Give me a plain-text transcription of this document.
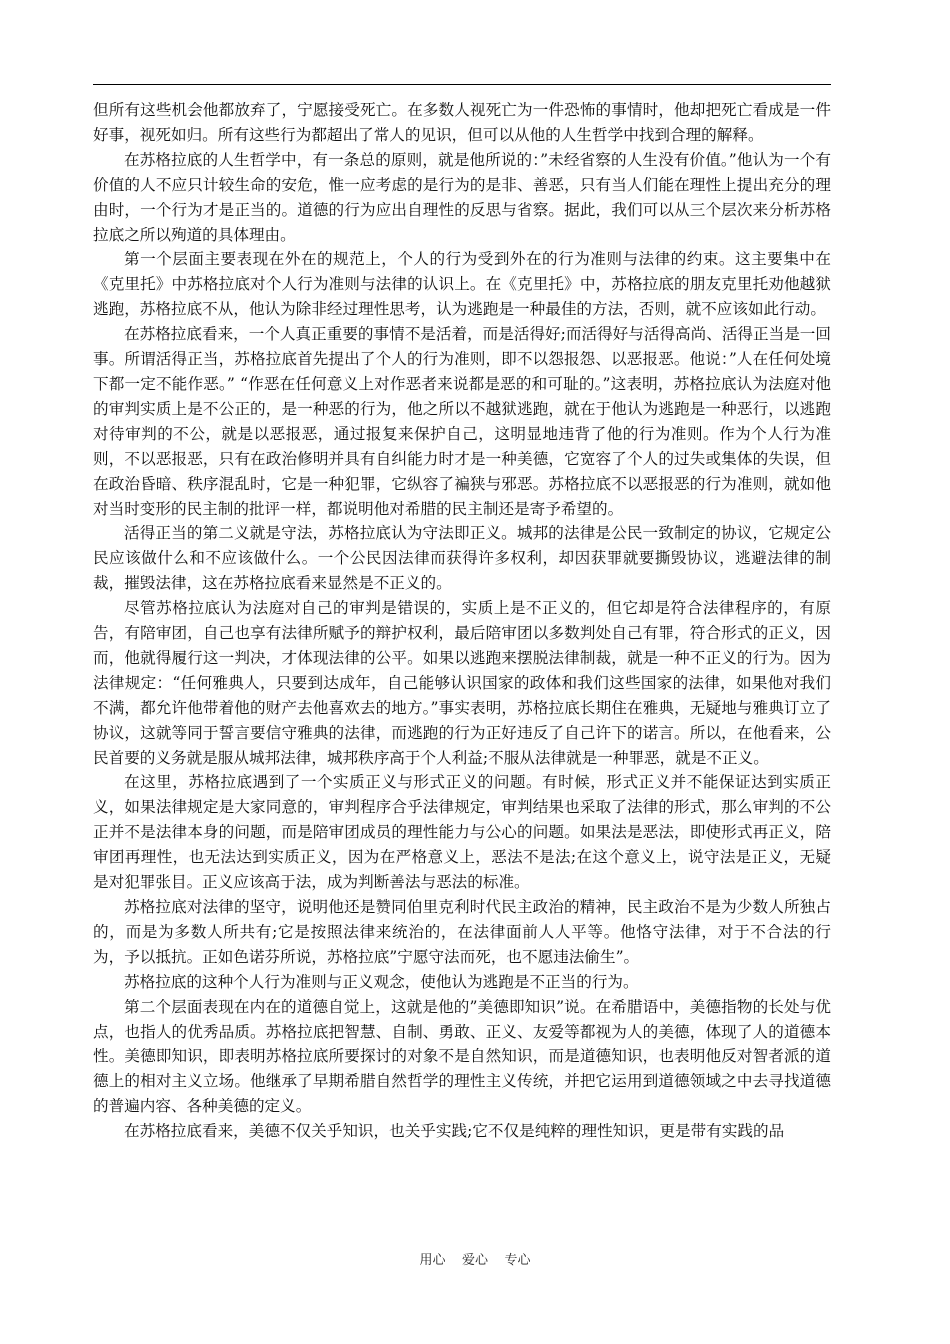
但所有这些机会他都放弃了，宁愿接受死亡。在多数人视死亡为一件恐怖的事情时，他却把死亡看成是一件好事，视死如归。所有这些行为都超出了常人的见识，但可以从他的人生哲学中找到合理的解释。

在苏格拉底的人生哲学中，有一条总的原则，就是他所说的：”未经省察的人生没有价值。”他认为一个有价值的人不应只计较生命的安危，惟一应考虑的是行为的是非、善恶，只有当人们能在理性上提出充分的理由时，一个行为才是正当的。道德的行为应出自理性的反思与省察。据此，我们可以从三个层次来分析苏格拉底之所以殉道的具体理由。

第一个层面主要表现在外在的规范上，个人的行为受到外在的行为准则与法律的约束。这主要集中在《克里托》中苏格拉底对个人行为准则与法律的认识上。在《克里托》中，苏格拉底的朋友克里托劝他越狱逃跑，苏格拉底不从，他认为除非经过理性思考，认为逃跑是一种最佳的方法，否则，就不应该如此行动。

在苏格拉底看来，一个人真正重要的事情不是活着，而是活得好;而活得好与活得高尚、活得正当是一回事。所谓活得正当，苏格拉底首先提出了个人的行为准则，即不以怨报怨、以恶报恶。他说：”人在任何处境下都一定不能作恶。” “作恶在任何意义上对作恶者来说都是恶的和可耻的。”这表明，苏格拉底认为法庭对他的审判实质上是不公正的，是一种恶的行为，他之所以不越狱逃跑，就在于他认为逃跑是一种恶行，以逃跑对待审判的不公，就是以恶报恶，通过报复来保护自己，这明显地违背了他的行为准则。作为个人行为准则，不以恶报恶，只有在政治修明并具有自纠能力时才是一种美德，它宽容了个人的过失或集体的失误，但在政治昏暗、秩序混乱时，它是一种犯罪，它纵容了褊狭与邪恶。苏格拉底不以恶报恶的行为准则，就如他对当时变形的民主制的批评一样，都说明他对希腊的民主制还是寄予希望的。

活得正当的第二义就是守法，苏格拉底认为守法即正义。城邦的法律是公民一致制定的协议，它规定公民应该做什么和不应该做什么。一个公民因法律而获得许多权利，却因获罪就要撕毁协议，逃避法律的制裁，摧毁法律，这在苏格拉底看来显然是不正义的。

尽管苏格拉底认为法庭对自己的审判是错误的，实质上是不正义的，但它却是符合法律程序的，有原告，有陪审团，自己也享有法律所赋予的辩护权利，最后陪审团以多数判处自己有罪，符合形式的正义，因而，他就得履行这一判决，才体现法律的公平。如果以逃跑来摆脱法律制裁，就是一种不正义的行为。因为法律规定：“任何雅典人，只要到达成年，自己能够认识国家的政体和我们这些国家的法律，如果他对我们不满，都允许他带着他的财产去他喜欢去的地方。”事实表明，苏格拉底长期住在雅典，无疑地与雅典订立了协议，这就等同于誓言要信守雅典的法律，而逃跑的行为正好违反了自己许下的诺言。所以，在他看来，公民首要的义务就是服从城邦法律，城邦秩序高于个人利益;不服从法律就是一种罪恶，就是不正义。

在这里，苏格拉底遇到了一个实质正义与形式正义的问题。有时候，形式正义并不能保证达到实质正义，如果法律规定是大家同意的，审判程序合乎法律规定，审判结果也采取了法律的形式，那么审判的不公正并不是法律本身的问题，而是陪审团成员的理性能力与公心的问题。如果法是恶法，即使形式再正义，陪审团再理性，也无法达到实质正义，因为在严格意义上，恶法不是法;在这个意义上，说守法是正义，无疑是对犯罪张目。正义应该高于法，成为判断善法与恶法的标准。

苏格拉底对法律的坚守，说明他还是赞同伯里克利时代民主政治的精神，民主政治不是为少数人所独占的，而是为多数人所共有;它是按照法律来统治的，在法律面前人人平等。他恪守法律，对于不合法的行为，予以抵抗。正如色诺芬所说，苏格拉底”宁愿守法而死，也不愿违法偷生”。

苏格拉底的这种个人行为准则与正义观念，使他认为逃跑是不正当的行为。

第二个层面表现在内在的道德自觉上，这就是他的”美德即知识”说。在希腊语中，美德指物的长处与优点，也指人的优秀品质。苏格拉底把智慧、自制、勇敢、正义、友爱等都视为人的美德，体现了人的道德本性。美德即知识，即表明苏格拉底所要探讨的对象不是自然知识，而是道德知识，也表明他反对智者派的道德上的相对主义立场。他继承了早期希腊自然哲学的理性主义传统，并把它运用到道德领域之中去寻找道德的普遍内容、各种美德的定义。

在苏格拉底看来，美德不仅关乎知识，也关乎实践;它不仅是纯粹的理性知识，更是带有实践的品

用心    爱心    专心
